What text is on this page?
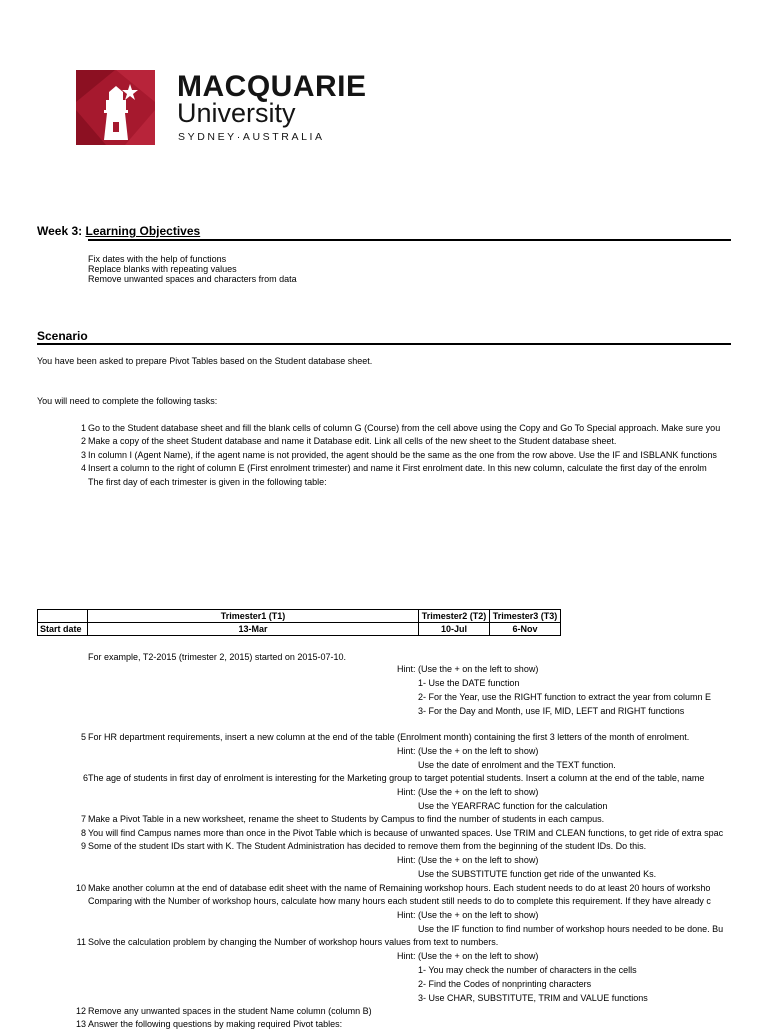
MACQUARIE
University
SYDNEY·AUSTRALIA
Week 3: Learning Objectives
Fix dates with the help of functions
Replace blanks with repeating values
Remove unwanted spaces and characters from data
Scenario
You have been asked to prepare Pivot Tables based on the Student database sheet.
You will need to complete the following tasks:
1 Go to the Student database sheet and fill the blank cells of column G (Course) from the cell above using the Copy and Go To Special approach. Make sure you
2 Make a copy of the sheet Student database and name it Database edit. Link all cells of the new sheet to the Student database sheet.
3 In column I (Agent Name), if the agent name is not provided, the agent should be the same as the one from the row above. Use the IF and ISBLANK functions
4 Insert a column to the right of column E (First enrolment trimester) and name it First enrolment date. In this new column, calculate the first day of the enrolm
The first day of each trimester is given in the following table:
	Trimester1 (T1)	Trimester2 (T2)	Trimester3 (T3)
Start date	13-Mar	10-Jul	6-Nov
For example, T2-2015 (trimester 2, 2015) started on 2015-07-10.
Hint: (Use the + on the left to show)
1- Use the DATE function
2- For the Year, use the RIGHT function to extract the year from column E
3- For the Day and Month, use IF, MID, LEFT and RIGHT functions
5 For HR department requirements, insert a new column at the end of the table (Enrolment month) containing the first 3 letters of the month of enrolment.
Hint: (Use the + on the left to show)
Use the date of enrolment and the TEXT function.
6 The age of students in first day of enrolment is interesting for the Marketing group to target potential students. Insert a column at the end of the table, name
Hint: (Use the + on the left to show)
Use the YEARFRAC function for the calculation
7 Make a Pivot Table in a new worksheet, rename the sheet to Students by Campus to find the number of students in each campus.
8 You will find Campus names more than once in the Pivot Table which is because of unwanted spaces. Use TRIM and CLEAN functions, to get ride of extra spac
9 Some of the student IDs start with K. The Student Administration has decided to remove them from the beginning of the student IDs. Do this.
Hint: (Use the + on the left to show)
Use the SUBSTITUTE function get ride of the unwanted Ks.
10 Make another column at the end of database edit sheet with the name of Remaining workshop hours. Each student needs to do at least 20 hours of worksho
Comparing with the Number of workshop hours, calculate how many hours each student still needs to do to complete this requirement. If they have already c
Hint: (Use the + on the left to show)
Use the IF function to find number of workshop hours needed to be done. Bu
11 Solve the calculation problem by changing the Number of workshop hours values from text to numbers.
Hint: (Use the + on the left to show)
1- You may check the number of characters in the cells
2- Find the Codes of nonprinting characters
3- Use CHAR, SUBSTITUTE, TRIM and VALUE functions
12 Remove any unwanted spaces in the student Name column (column B)
13 Answer the following questions by making required Pivot tables:
